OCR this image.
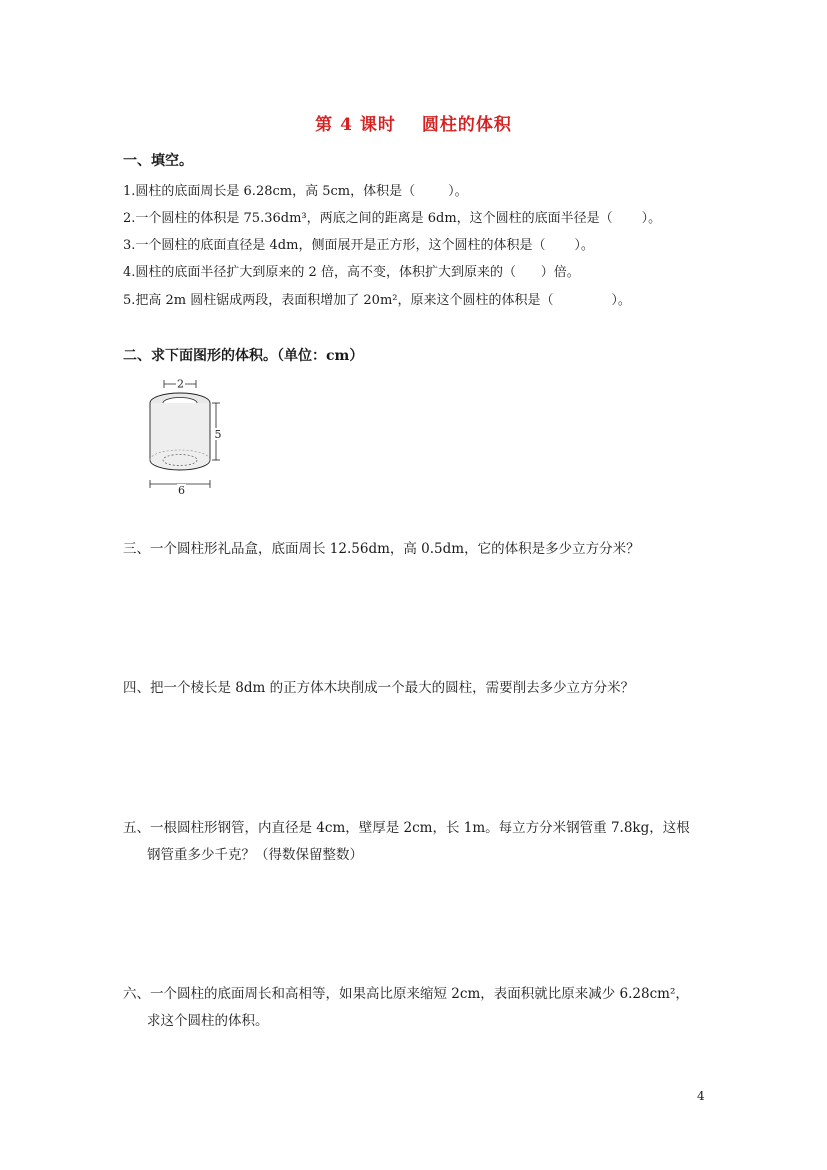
第 4 课时 圆柱的体积
一、填空。
1.圆柱的底面周长是 6.28cm，高 5cm，体积是（	）。
2.一个圆柱的体积是 75.36dm³，两底之间的距离是 6dm，这个圆柱的底面半径是（ ）。
3.一个圆柱的底面直径是 4dm，侧面展开是正方形，这个圆柱的体积是（ ）。
4.圆柱的底面半径扩大到原来的 2 倍，高不变，体积扩大到原来的（ ）倍。
5.把高 2m 圆柱锯成两段，表面积增加了 20m²，原来这个圆柱的体积是（	）。
二、求下面图形的体积。（单位：cm）
2
5
6
三、一个圆柱形礼品盒，底面周长 12.56dm，高 0.5dm，它的体积是多少立方分米？
四、把一个棱长是 8dm 的正方体木块削成一个最大的圆柱，需要削去多少立方分米？
五、一根圆柱形钢管，内直径是 4cm，壁厚是 2cm，长 1m。每立方分米钢管重 7.8kg，这根
钢管重多少千克？（得数保留整数）
六、一个圆柱的底面周长和高相等，如果高比原来缩短 2cm，表面积就比原来减少 6.28cm²，
求这个圆柱的体积。
4
